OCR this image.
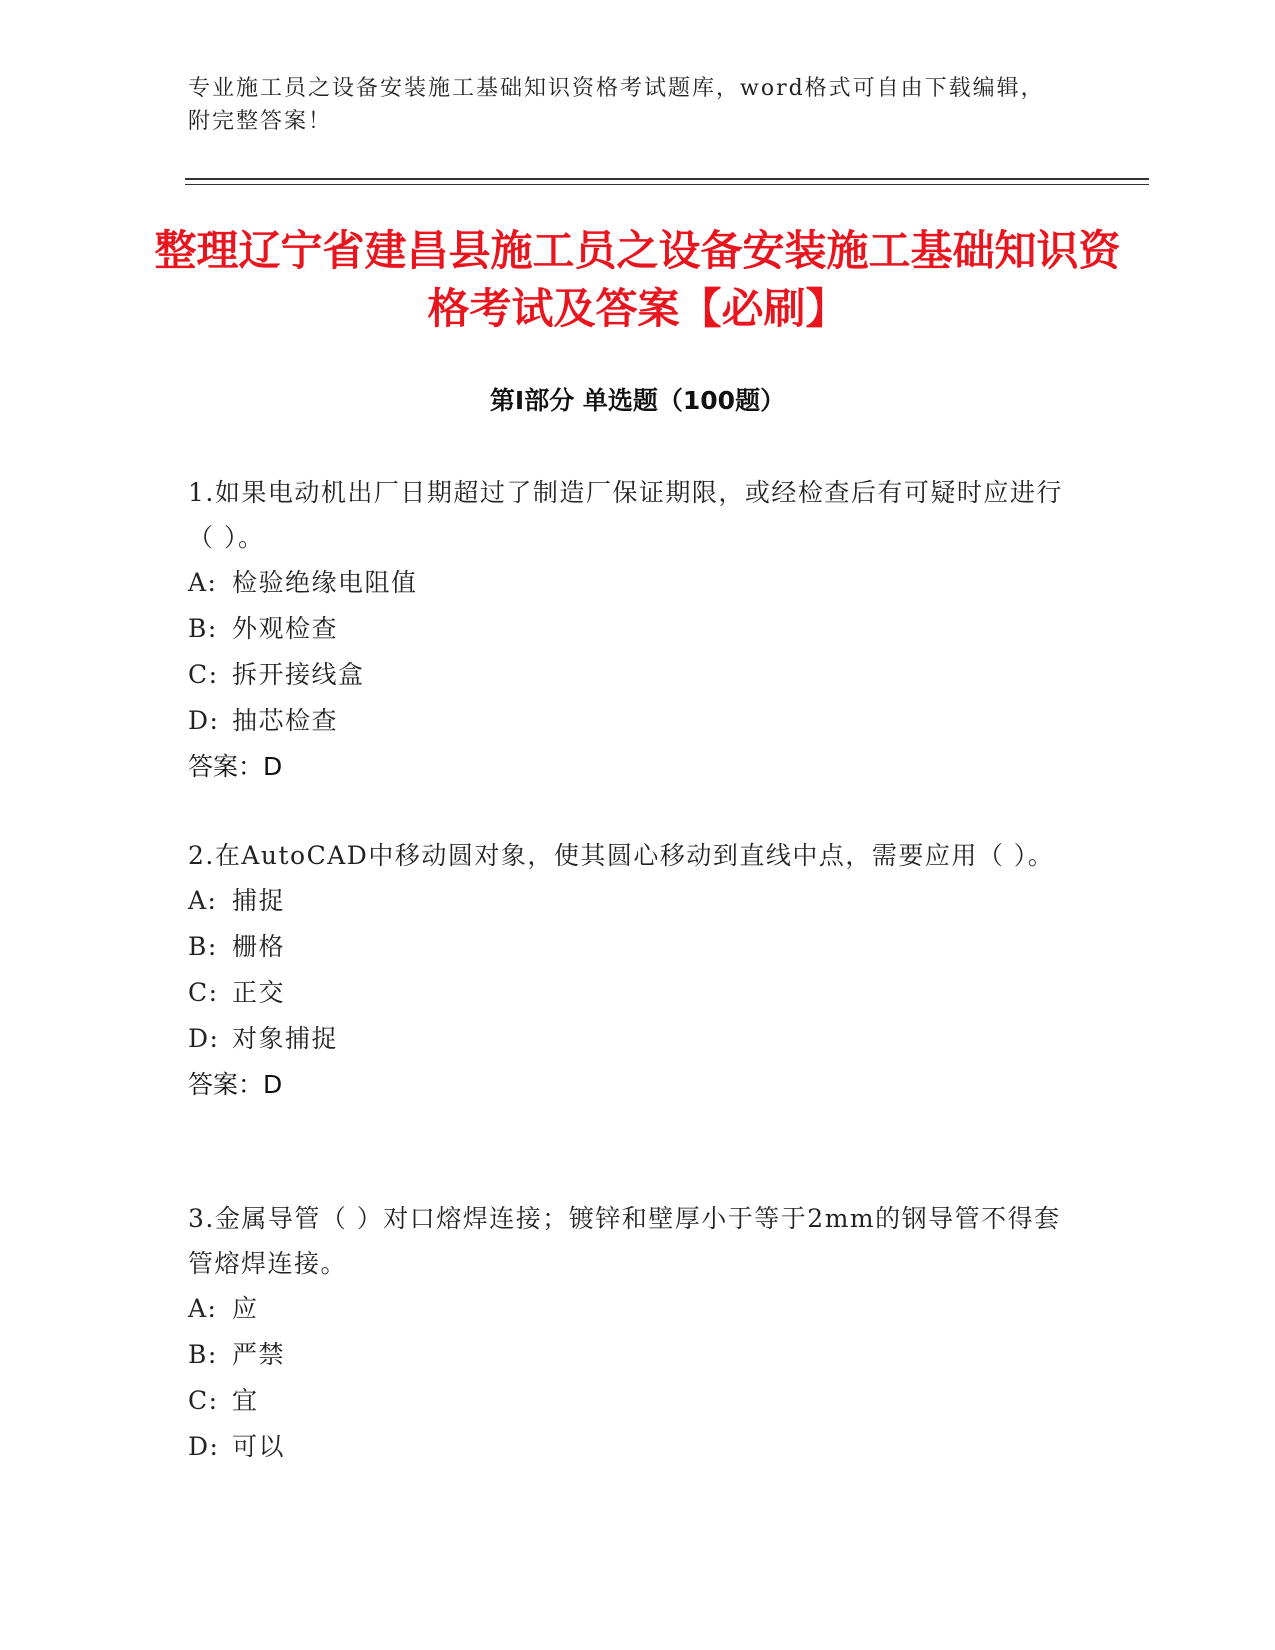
专业施工员之设备安装施工基础知识资格考试题库，word格式可自由下载编辑，附完整答案！
整理辽宁省建昌县施工员之设备安装施工基础知识资格考试及答案【必刷】
第Ⅰ部分 单选题（100题）

1.如果电动机出厂日期超过了制造厂保证期限，或经检查后有可疑时应进行（ ）。

A: 检验绝缘电阻值

B: 外观检查

C: 拆开接线盒

D: 抽芯检查

答案：D

2.在AutoCAD中移动圆对象，使其圆心移动到直线中点，需要应用（ ）。

A: 捕捉

B: 栅格

C: 正交

D: 对象捕捉

答案：D

3.金属导管（ ）对口熔焊连接；镀锌和壁厚小于等于2mm的钢导管不得套管熔焊连接。

A: 应

B: 严禁

C: 宜

D: 可以
